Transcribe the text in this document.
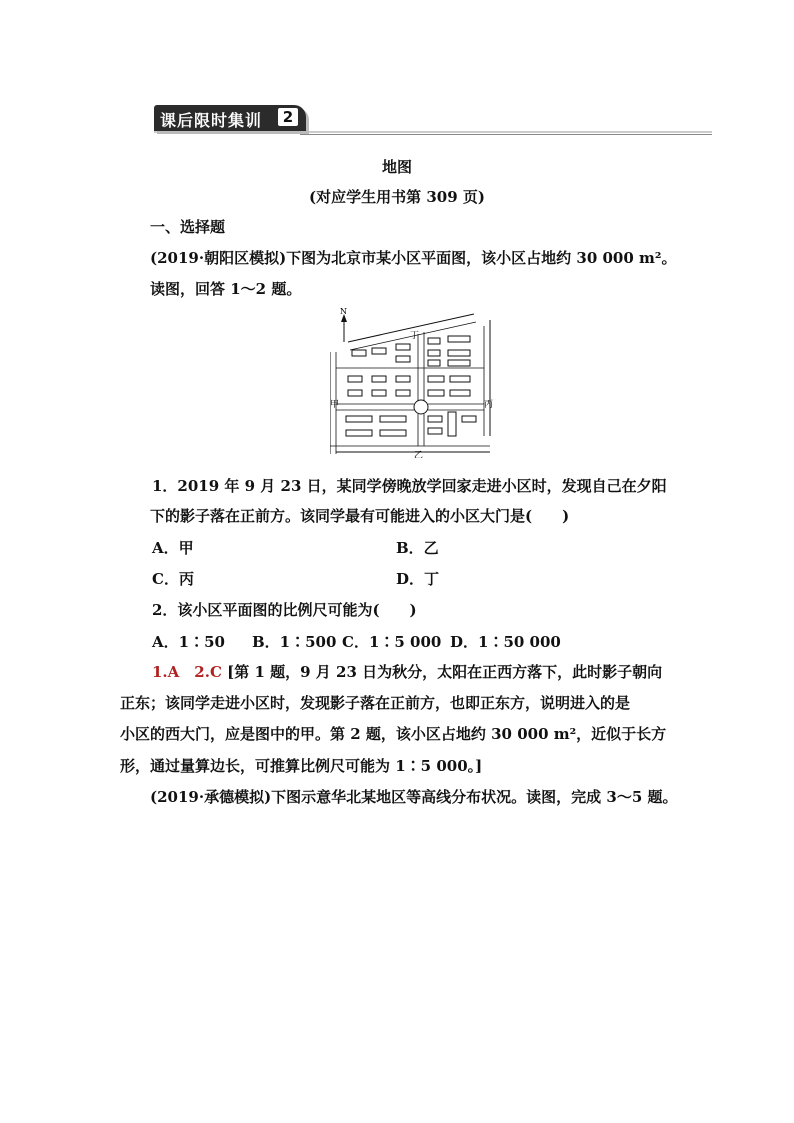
课后限时集训	2
地图
(对应学生用书第 309 页)
一、选择题
(2019·朝阳区模拟)下图为北京市某小区平面图，该小区占地约 30 000 m²。
读图，回答 1～2 题。
N
丁
甲	丙
乙
1．2019 年 9 月 23 日，某同学傍晚放学回家走进小区时，发现自己在夕阳
下的影子落在正前方。该同学最有可能进入的小区大门是(　　)
A．甲	B．乙
C．丙	D．丁
2．该小区平面图的比例尺可能为(　　)
A．1∶50 B．1∶500 C．1∶5 000 D．1∶50 000
1.A　2.C [第 1 题，9 月 23 日为秋分，太阳在正西方落下，此时影子朝向
正东；该同学走进小区时，发现影子落在正前方，也即正东方，说明进入的是
小区的西大门，应是图中的甲。第 2 题，该小区占地约 30 000 m²，近似于长方
形，通过量算边长，可推算比例尺可能为 1∶5 000。]
(2019·承德模拟)下图示意华北某地区等高线分布状况。读图，完成 3～5 题。
